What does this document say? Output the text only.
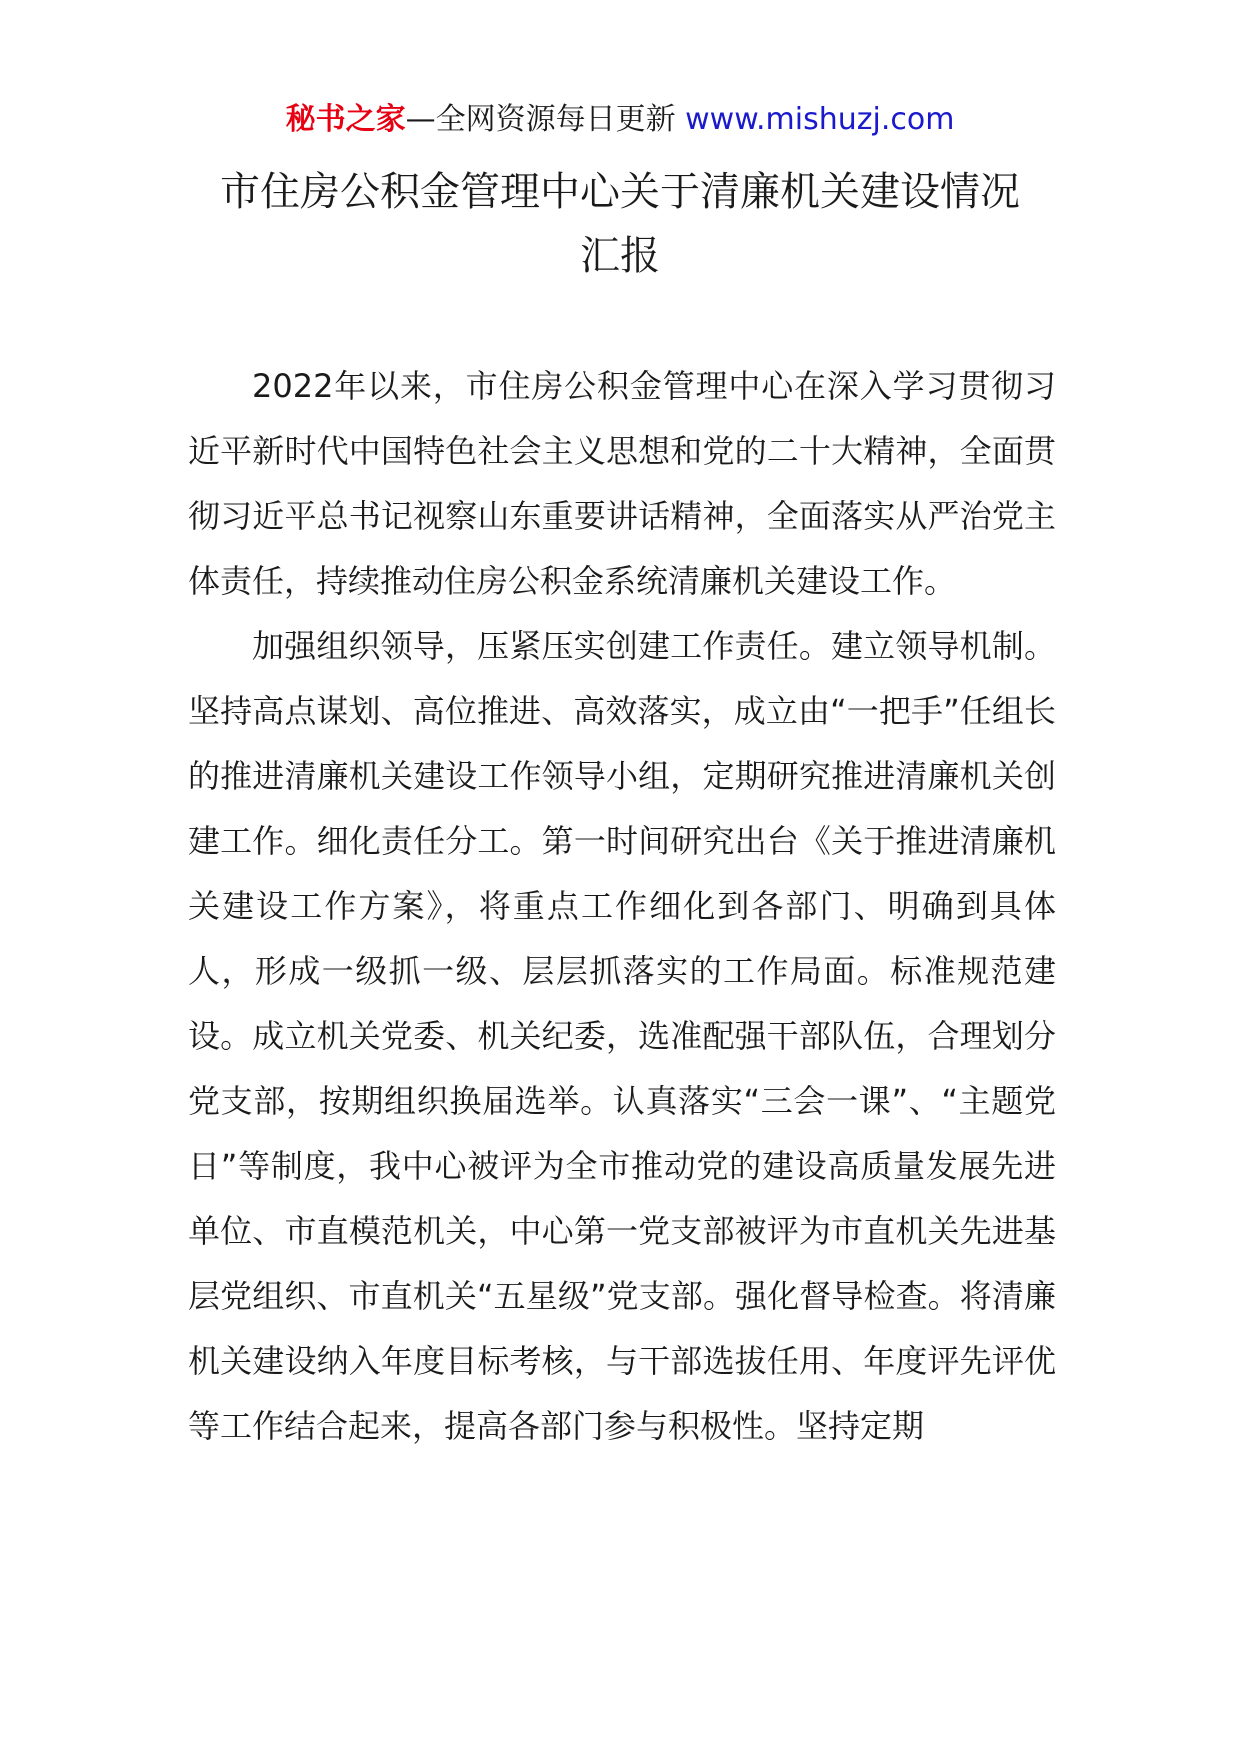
秘书之家—全网资源每日更新 www.mishuzj.com
市住房公积金管理中心关于清廉机关建设情况
汇报

2022年以来，市住房公积金管理中心在深入学习贯彻习近平新时代中国特色社会主义思想和党的二十大精神，全面贯彻习近平总书记视察山东重要讲话精神，全面落实从严治党主体责任，持续推动住房公积金系统清廉机关建设工作。

加强组织领导，压紧压实创建工作责任。建立领导机制。坚持高点谋划、高位推进、高效落实，成立由“一把手”任组长的推进清廉机关建设工作领导小组，定期研究推进清廉机关创建工作。细化责任分工。第一时间研究出台《关于推进清廉机关建设工作方案》，将重点工作细化到各部门、明确到具体人，形成一级抓一级、层层抓落实的工作局面。标准规范建设。成立机关党委、机关纪委，选准配强干部队伍，合理划分党支部，按期组织换届选举。认真落实“三会一课”、“主题党日”等制度，我中心被评为全市推动党的建设高质量发展先进单位、市直模范机关，中心第一党支部被评为市直机关先进基层党组织、市直机关“五星级”党支部。强化督导检查。将清廉机关建设纳入年度目标考核，与干部选拔任用、年度评先评优等工作结合起来，提高各部门参与积极性。坚持定期
